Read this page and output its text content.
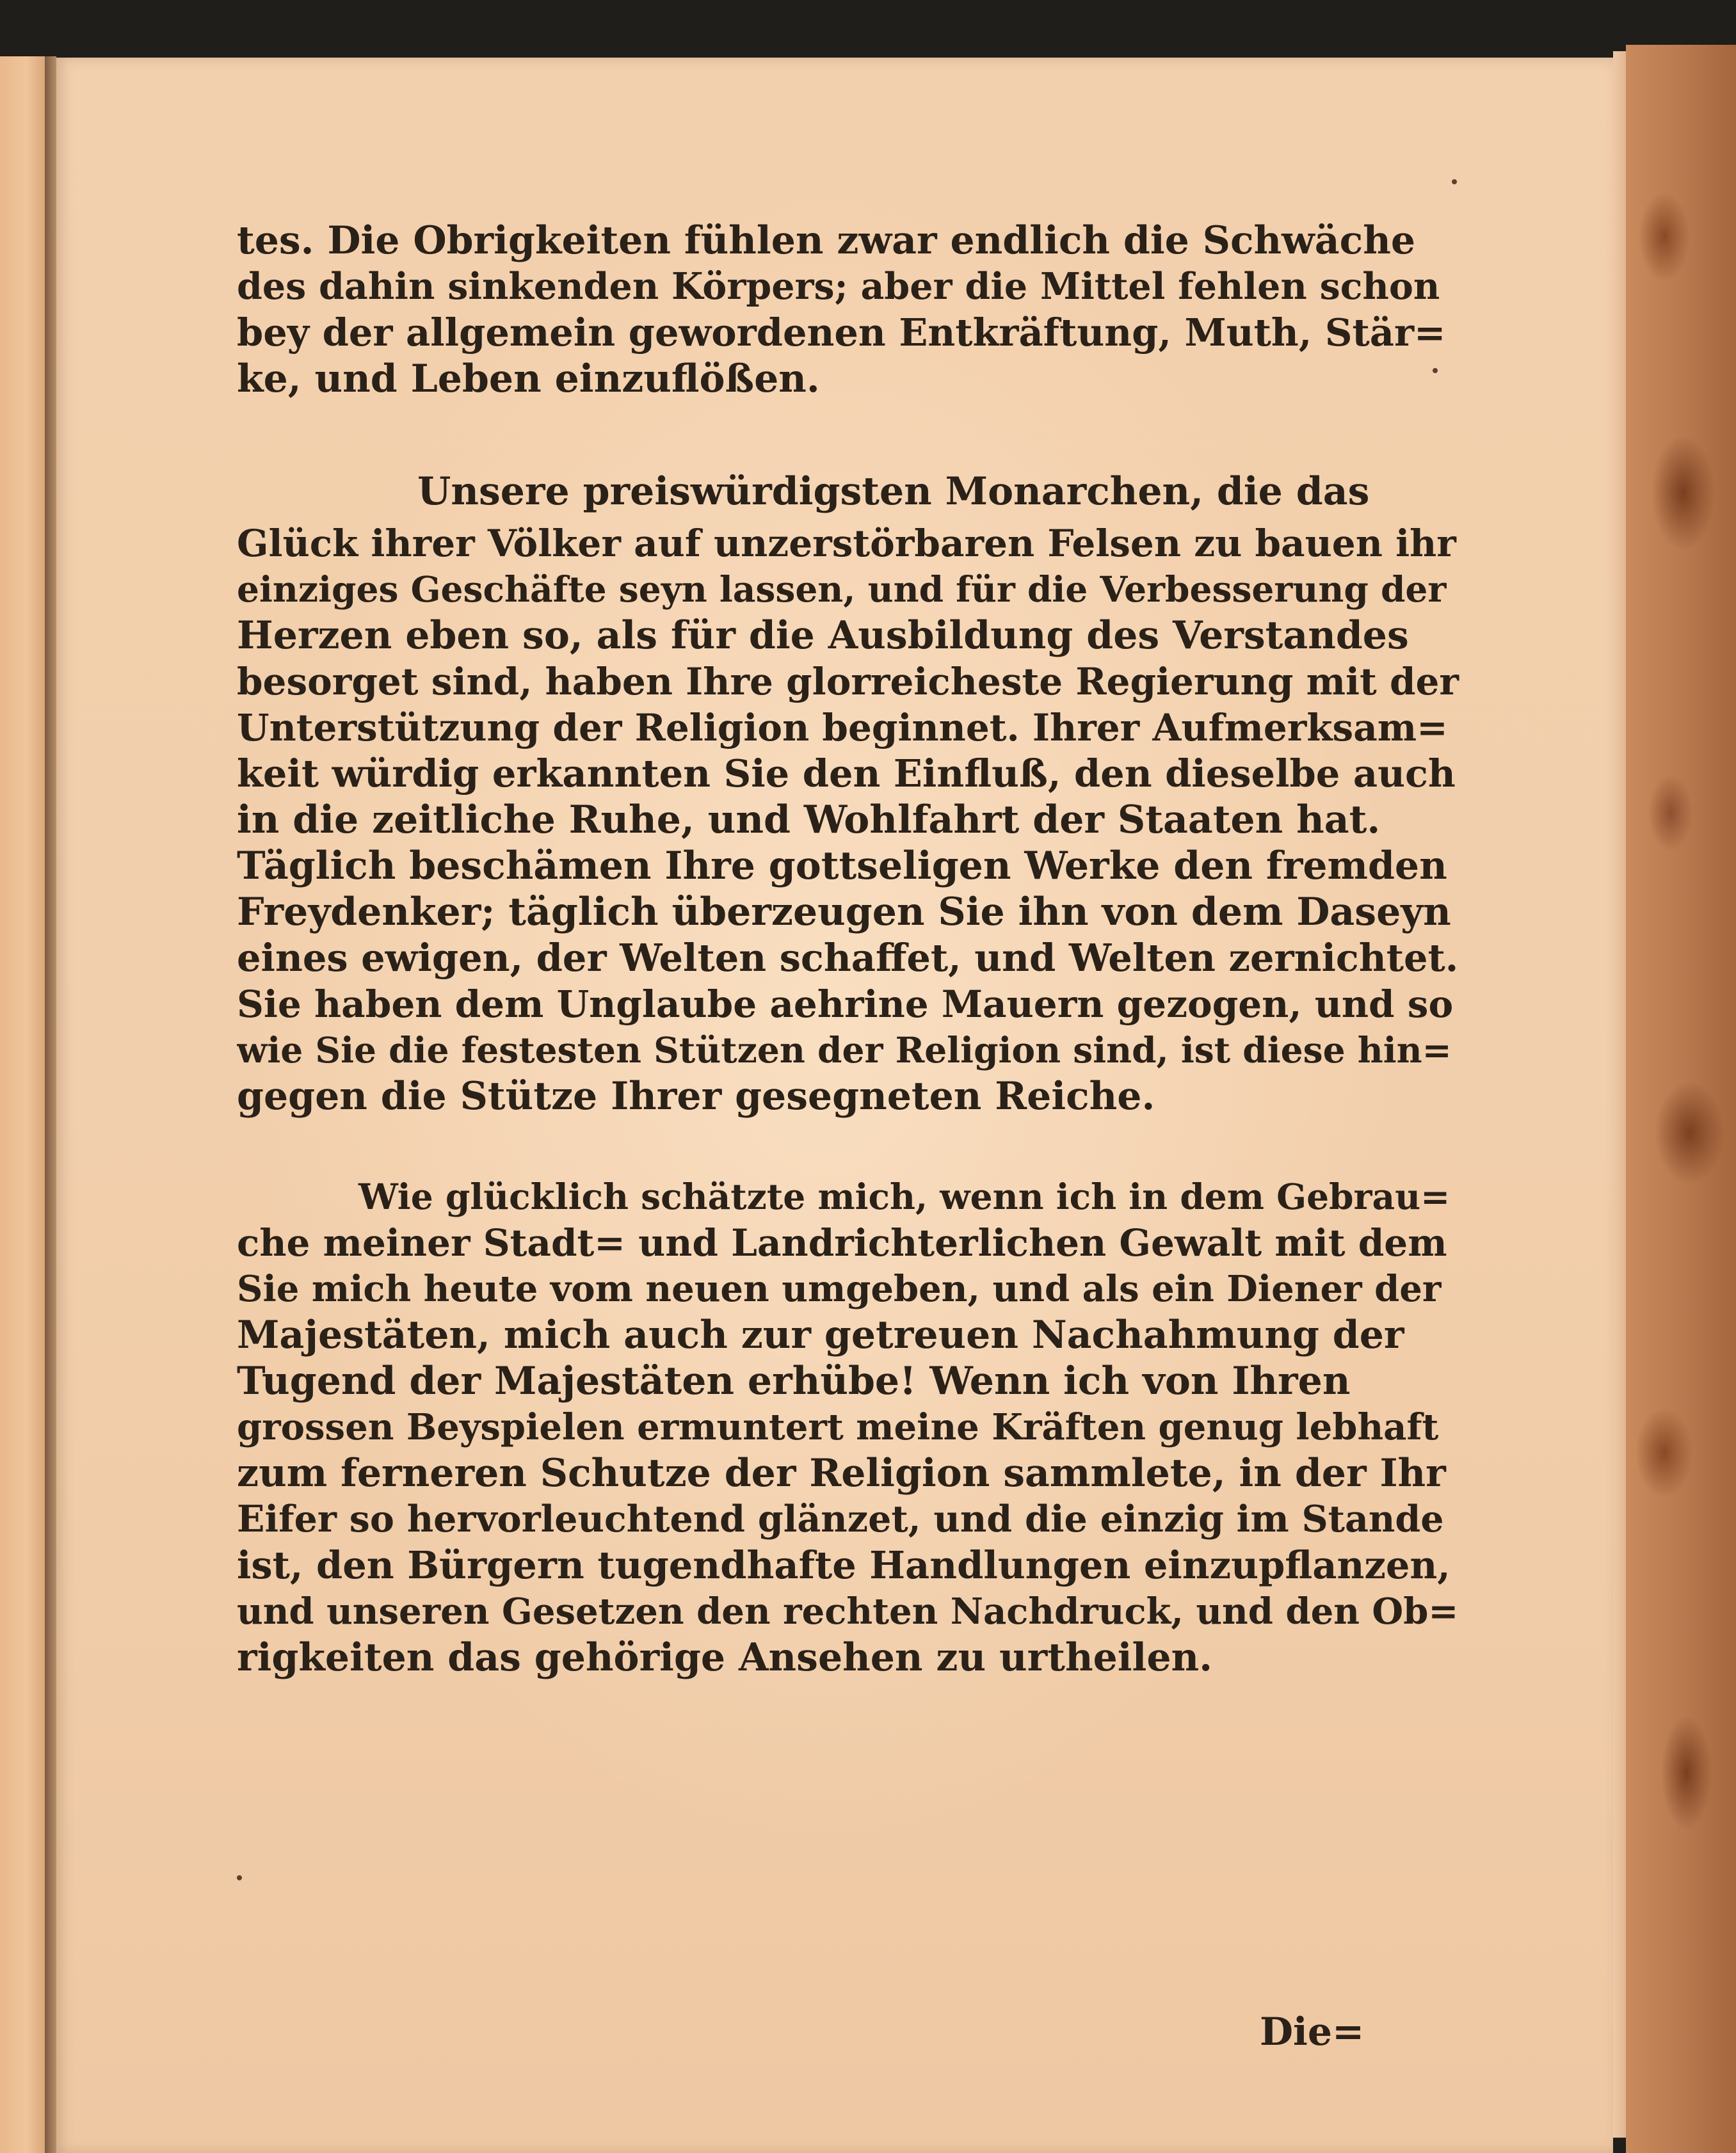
tes. Die Obrigkeiten fühlen zwar endlich die Schwäche
des dahin sinkenden Körpers; aber die Mittel fehlen schon
bey der allgemein gewordenen Entkräftung, Muth, Stär=
ke, und Leben einzuflößen.
Unsere preiswürdigsten Monarchen, die das
Glück ihrer Völker auf unzerstörbaren Felsen zu bauen ihr
einziges Geschäfte seyn lassen, und für die Verbesserung der
Herzen eben so, als für die Ausbildung des Verstandes
besorget sind, haben Ihre glorreicheste Regierung mit der
Unterstützung der Religion beginnet. Ihrer Aufmerksam=
keit würdig erkannten Sie den Einfluß, den dieselbe auch
in die zeitliche Ruhe, und Wohlfahrt der Staaten hat.
Täglich beschämen Ihre gottseligen Werke den fremden
Freydenker; täglich überzeugen Sie ihn von dem Daseyn
eines ewigen, der Welten schaffet, und Welten zernichtet.
Sie haben dem Unglaube aehrine Mauern gezogen, und so
wie Sie die festesten Stützen der Religion sind, ist diese hin=
gegen die Stütze Ihrer gesegneten Reiche.
Wie glücklich schätzte mich, wenn ich in dem Gebrau=
che meiner Stadt= und Landrichterlichen Gewalt mit dem
Sie mich heute vom neuen umgeben, und als ein Diener der
Majestäten, mich auch zur getreuen Nachahmung der
Tugend der Majestäten erhübe! Wenn ich von Ihren
grossen Beyspielen ermuntert meine Kräften genug lebhaft
zum ferneren Schutze der Religion sammlete, in der Ihr
Eifer so hervorleuchtend glänzet, und die einzig im Stande
ist, den Bürgern tugendhafte Handlungen einzupflanzen,
und unseren Gesetzen den rechten Nachdruck, und den Ob=
rigkeiten das gehörige Ansehen zu urtheilen.
Die=
